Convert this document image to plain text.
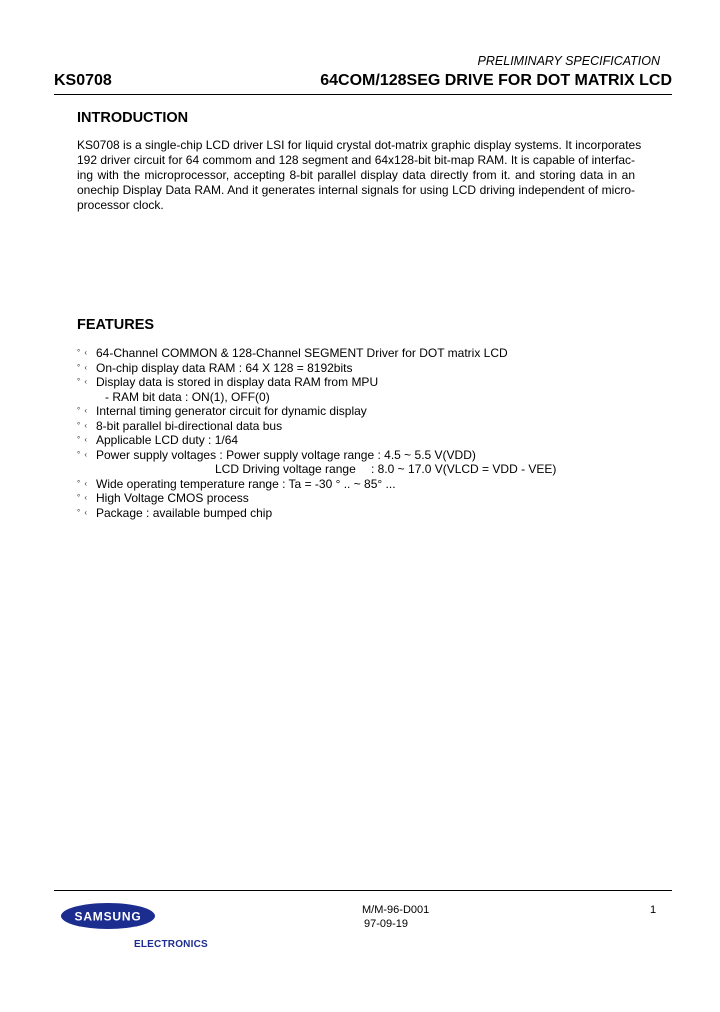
PRELIMINARY SPECIFICATION
KS0708	64COM/128SEG DRIVE FOR DOT MATRIX LCD
INTRODUCTION
KS0708 is a single-chip LCD driver LSI for liquid crystal dot-matrix graphic display systems. It incorporates
192 driver circuit for 64 commom and 128 segment and 64x128-bit bit-map RAM. It is capable of interfac-
ing with the microprocessor, accepting 8-bit parallel display data directly from it. and storing data in an
onechip Display Data RAM. And it generates internal signals for using LCD driving independent of micro-
processor clock.
FEATURES
° ‹ 64-Channel COMMON & 128-Channel SEGMENT Driver for DOT matrix LCD
° ‹ On-chip display data RAM : 64 X 128 = 8192bits
° ‹ Display data is stored in display data RAM from MPU
- RAM bit data : ON(1), OFF(0)
° ‹ Internal timing generator circuit for dynamic display
° ‹ 8-bit parallel bi-directional data bus
° ‹ Applicable LCD duty : 1/64
° ‹ Power supply voltages : Power supply voltage range : 4.5 ~ 5.5 V(VDD)
LCD Driving voltage range : 8.0 ~ 17.0 V(VLCD = VDD - VEE)
° ‹ Wide operating temperature range : Ta = -30 ° .. ~ 85° ...
° ‹ High Voltage CMOS process
° ‹ Package : available bumped chip
SAMSUNG
ELECTRONICS
M/M-96-D001
97-09-19
1
